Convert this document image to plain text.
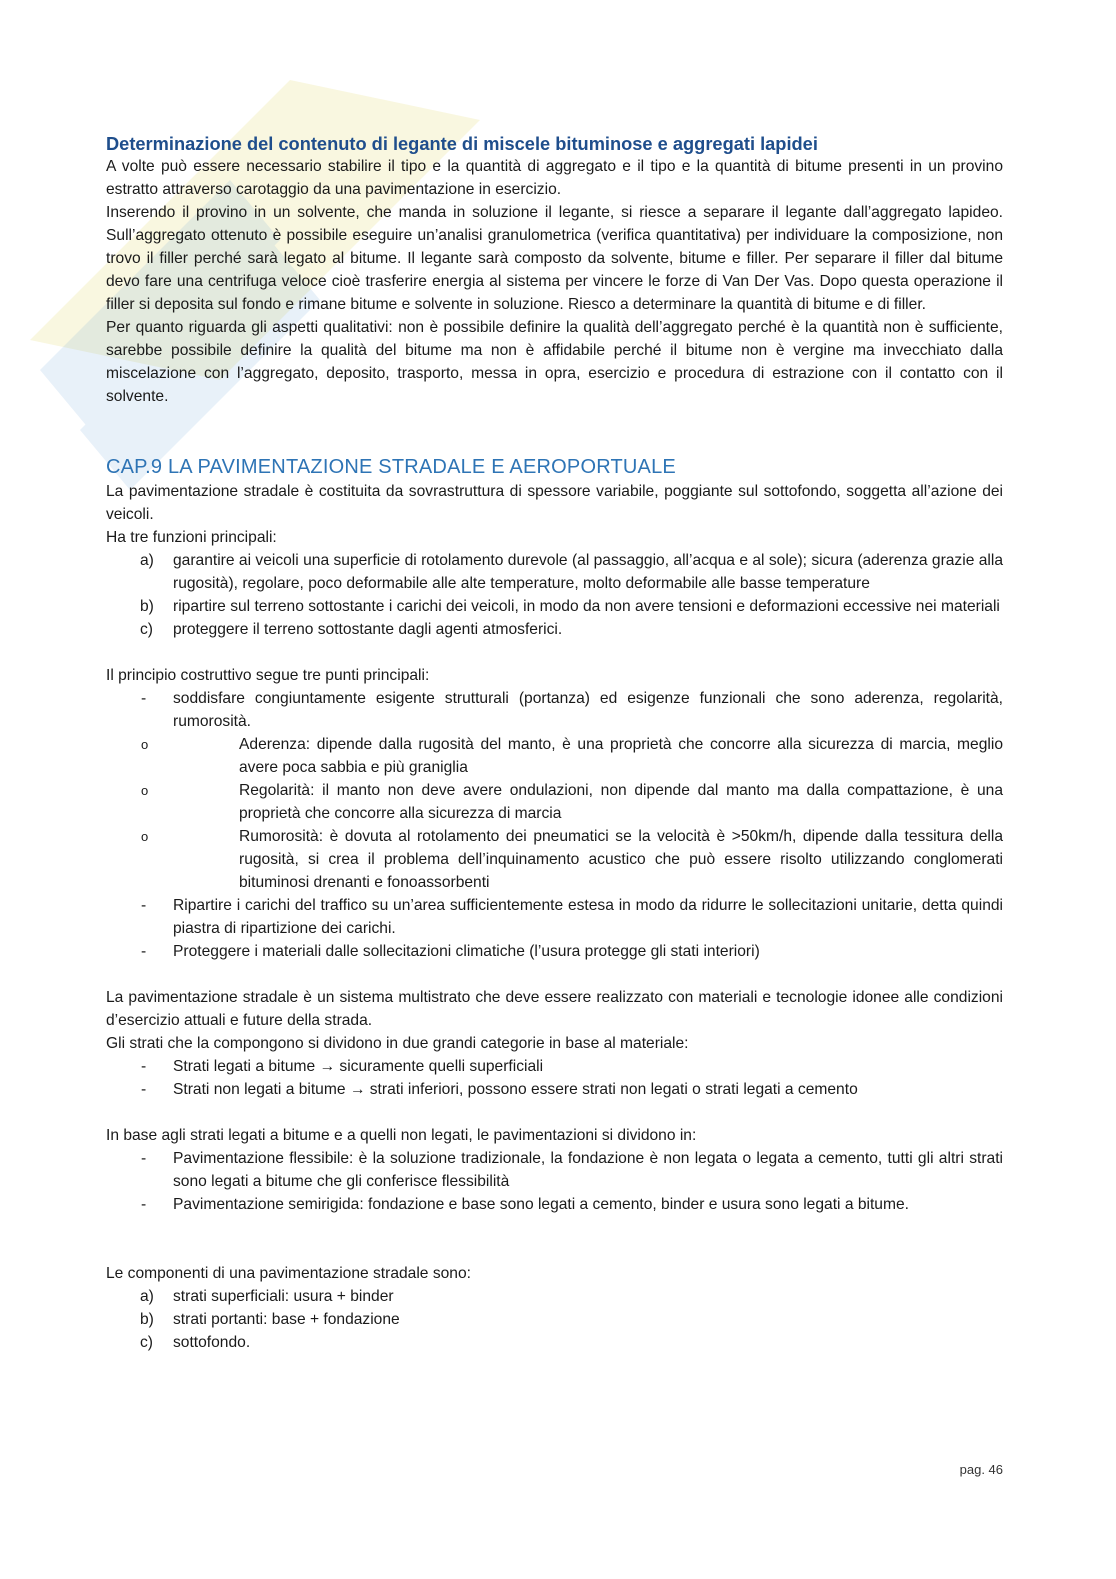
Determinazione del contenuto di legante di miscele bituminose e aggregati lapidei

A volte può essere necessario stabilire il tipo e la quantità di aggregato e il tipo e la quantità di bitume presenti in un provino estratto attraverso carotaggio da una pavimentazione in esercizio.

Inserendo il provino in un solvente, che manda in soluzione il legante, si riesce a separare il legante dall’aggregato lapideo. Sull’aggregato ottenuto è possibile eseguire un’analisi granulometrica (verifica quantitativa) per individuare la composizione, non trovo il filler perché sarà legato al bitume. Il legante sarà composto da solvente, bitume e filler. Per separare il filler dal bitume devo fare una centrifuga veloce cioè trasferire energia al sistema per vincere le forze di Van Der Vas. Dopo questa operazione il filler si deposita sul fondo e rimane bitume e solvente in soluzione. Riesco a determinare la quantità di bitume e di filler.

Per quanto riguarda gli aspetti qualitativi: non è possibile definire la qualità dell’aggregato perché è la quantità non è sufficiente, sarebbe possibile definire la qualità del bitume ma non è affidabile perché il bitume non è vergine ma invecchiato dalla miscelazione con l’aggregato, deposito, trasporto, messa in opra, esercizio e procedura di estrazione con il contatto con il solvente.

CAP.9 LA PAVIMENTAZIONE STRADALE E AEROPORTUALE

La pavimentazione stradale è costituita da sovrastruttura di spessore variabile, poggiante sul sottofondo, soggetta all’azione dei veicoli.

Ha tre funzioni principali:

a) garantire ai veicoli una superficie di rotolamento durevole (al passaggio, all’acqua e al sole); sicura (aderenza grazie alla rugosità), regolare, poco deformabile alle alte temperature, molto deformabile alle basse temperature
b) ripartire sul terreno sottostante i carichi dei veicoli, in modo da non avere tensioni e deformazioni eccessive nei materiali
c) proteggere il terreno sottostante dagli agenti atmosferici.

Il principio costruttivo segue tre punti principali:

- soddisfare congiuntamente esigente strutturali (portanza) ed esigenze funzionali che sono aderenza, regolarità, rumorosità.
o	Aderenza: dipende dalla rugosità del manto, è una proprietà che concorre alla sicurezza di marcia, meglio avere poca sabbia e più graniglia
o	Regolarità: il manto non deve avere ondulazioni, non dipende dal manto ma dalla compattazione, è una proprietà che concorre alla sicurezza di marcia
o	Rumorosità: è dovuta al rotolamento dei pneumatici se la velocità è >50km/h, dipende dalla tessitura della rugosità, si crea il problema dell’inquinamento acustico che può essere risolto utilizzando conglomerati bituminosi drenanti e fonoassorbenti
- Ripartire i carichi del traffico su un’area sufficientemente estesa in modo da ridurre le sollecitazioni unitarie, detta quindi piastra di ripartizione dei carichi.
- Proteggere i materiali dalle sollecitazioni climatiche (l’usura protegge gli stati interiori)

La pavimentazione stradale è un sistema multistrato che deve essere realizzato con materiali e tecnologie idonee alle condizioni d’esercizio attuali e future della strada.

Gli strati che la compongono si dividono in due grandi categorie in base al materiale:

- Strati legati a bitume → sicuramente quelli superficiali
- Strati non legati a bitume → strati inferiori, possono essere strati non legati o strati legati a cemento

In base agli strati legati a bitume e a quelli non legati, le pavimentazioni si dividono in:

- Pavimentazione flessibile: è la soluzione tradizionale, la fondazione è non legata o legata a cemento, tutti gli altri strati sono legati a bitume che gli conferisce flessibilità
- Pavimentazione semirigida: fondazione e base sono legati a cemento, binder e usura sono legati a bitume.

Le componenti di una pavimentazione stradale sono:

a) strati superficiali: usura + binder
b) strati portanti: base + fondazione
c) sottofondo.
pag. 46
